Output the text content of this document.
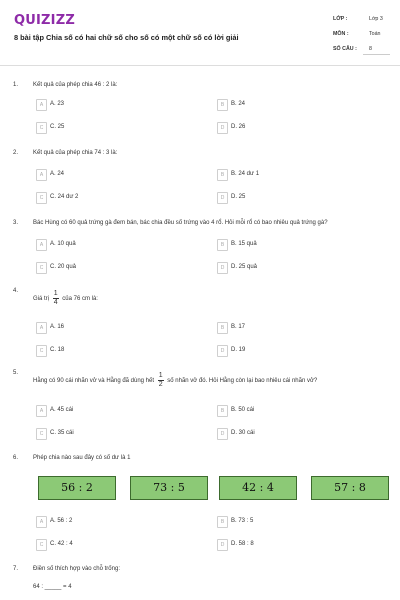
QUIZIZZ
8 bài tập Chia số có hai chữ số cho số có một chữ số có lời giải
LỚP :	Lớp 3
MÔN :	Toán
SỐ CÂU : 8
1. Kết quả của phép chia 46 : 2 là:
A	A. 23	B	B. 24
C	C. 25	D	D. 26
2. Kết quả của phép chia 74 : 3 là:
A	A. 24	B	B. 24 dư 1
C	C. 24 dư 2	D	D. 25
3. Bác Hùng có 60 quả trứng gà đem bán, bác chia đều số trứng vào 4 rổ. Hỏi mỗi rổ có bao nhiêu quả trứng gà?
A	A. 10 quả	B	B. 15 quả
C	C. 20 quả	D	D. 25 quả
4.
Giá trị $\frac{1}{4}$ của 76 cm là:
A	A. 16	B	B. 17
C	C. 18	D	D. 19
5.
Hằng có 90 cái nhãn vở và Hằng đã dùng hết $\frac{1}{2}$ số nhãn vở đó. Hỏi Hằng còn lại bao nhiêu cái nhãn vở?
A	A. 45 cái	B	B. 50 cái
C	C. 35 cái	D	D. 30 cái
6. Phép chia nào sau đây có số dư là 1
56 : 2	73 : 5	42 : 4	57 : 8
A	A. 56 : 2	B	B. 73 : 5
C	C. 42 : 4	D	D. 58 : 8
7. Điền số thích hợp vào chỗ trống:
64 : _____ = 4
